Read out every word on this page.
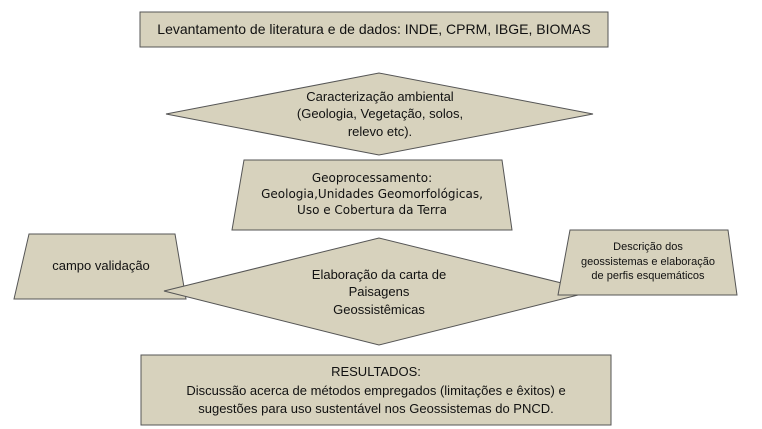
Levantamento de literatura e de dados: INDE, CPRM, IBGE, BIOMAS
Caracterização ambiental
(Geologia, Vegetação, solos,
relevo etc).
Geoprocessamento:
Geologia,Unidades Geomorfológicas,
Uso e Cobertura da Terra
campo validação
Elaboração da carta de
Paisagens
Geossistêmicas
Descrição dos
geossistemas e elaboração
de perfis esquemáticos
RESULTADOS:
Discussão acerca de métodos empregados (limitações e êxitos) e
sugestões para uso sustentável nos Geossistemas do PNCD.
